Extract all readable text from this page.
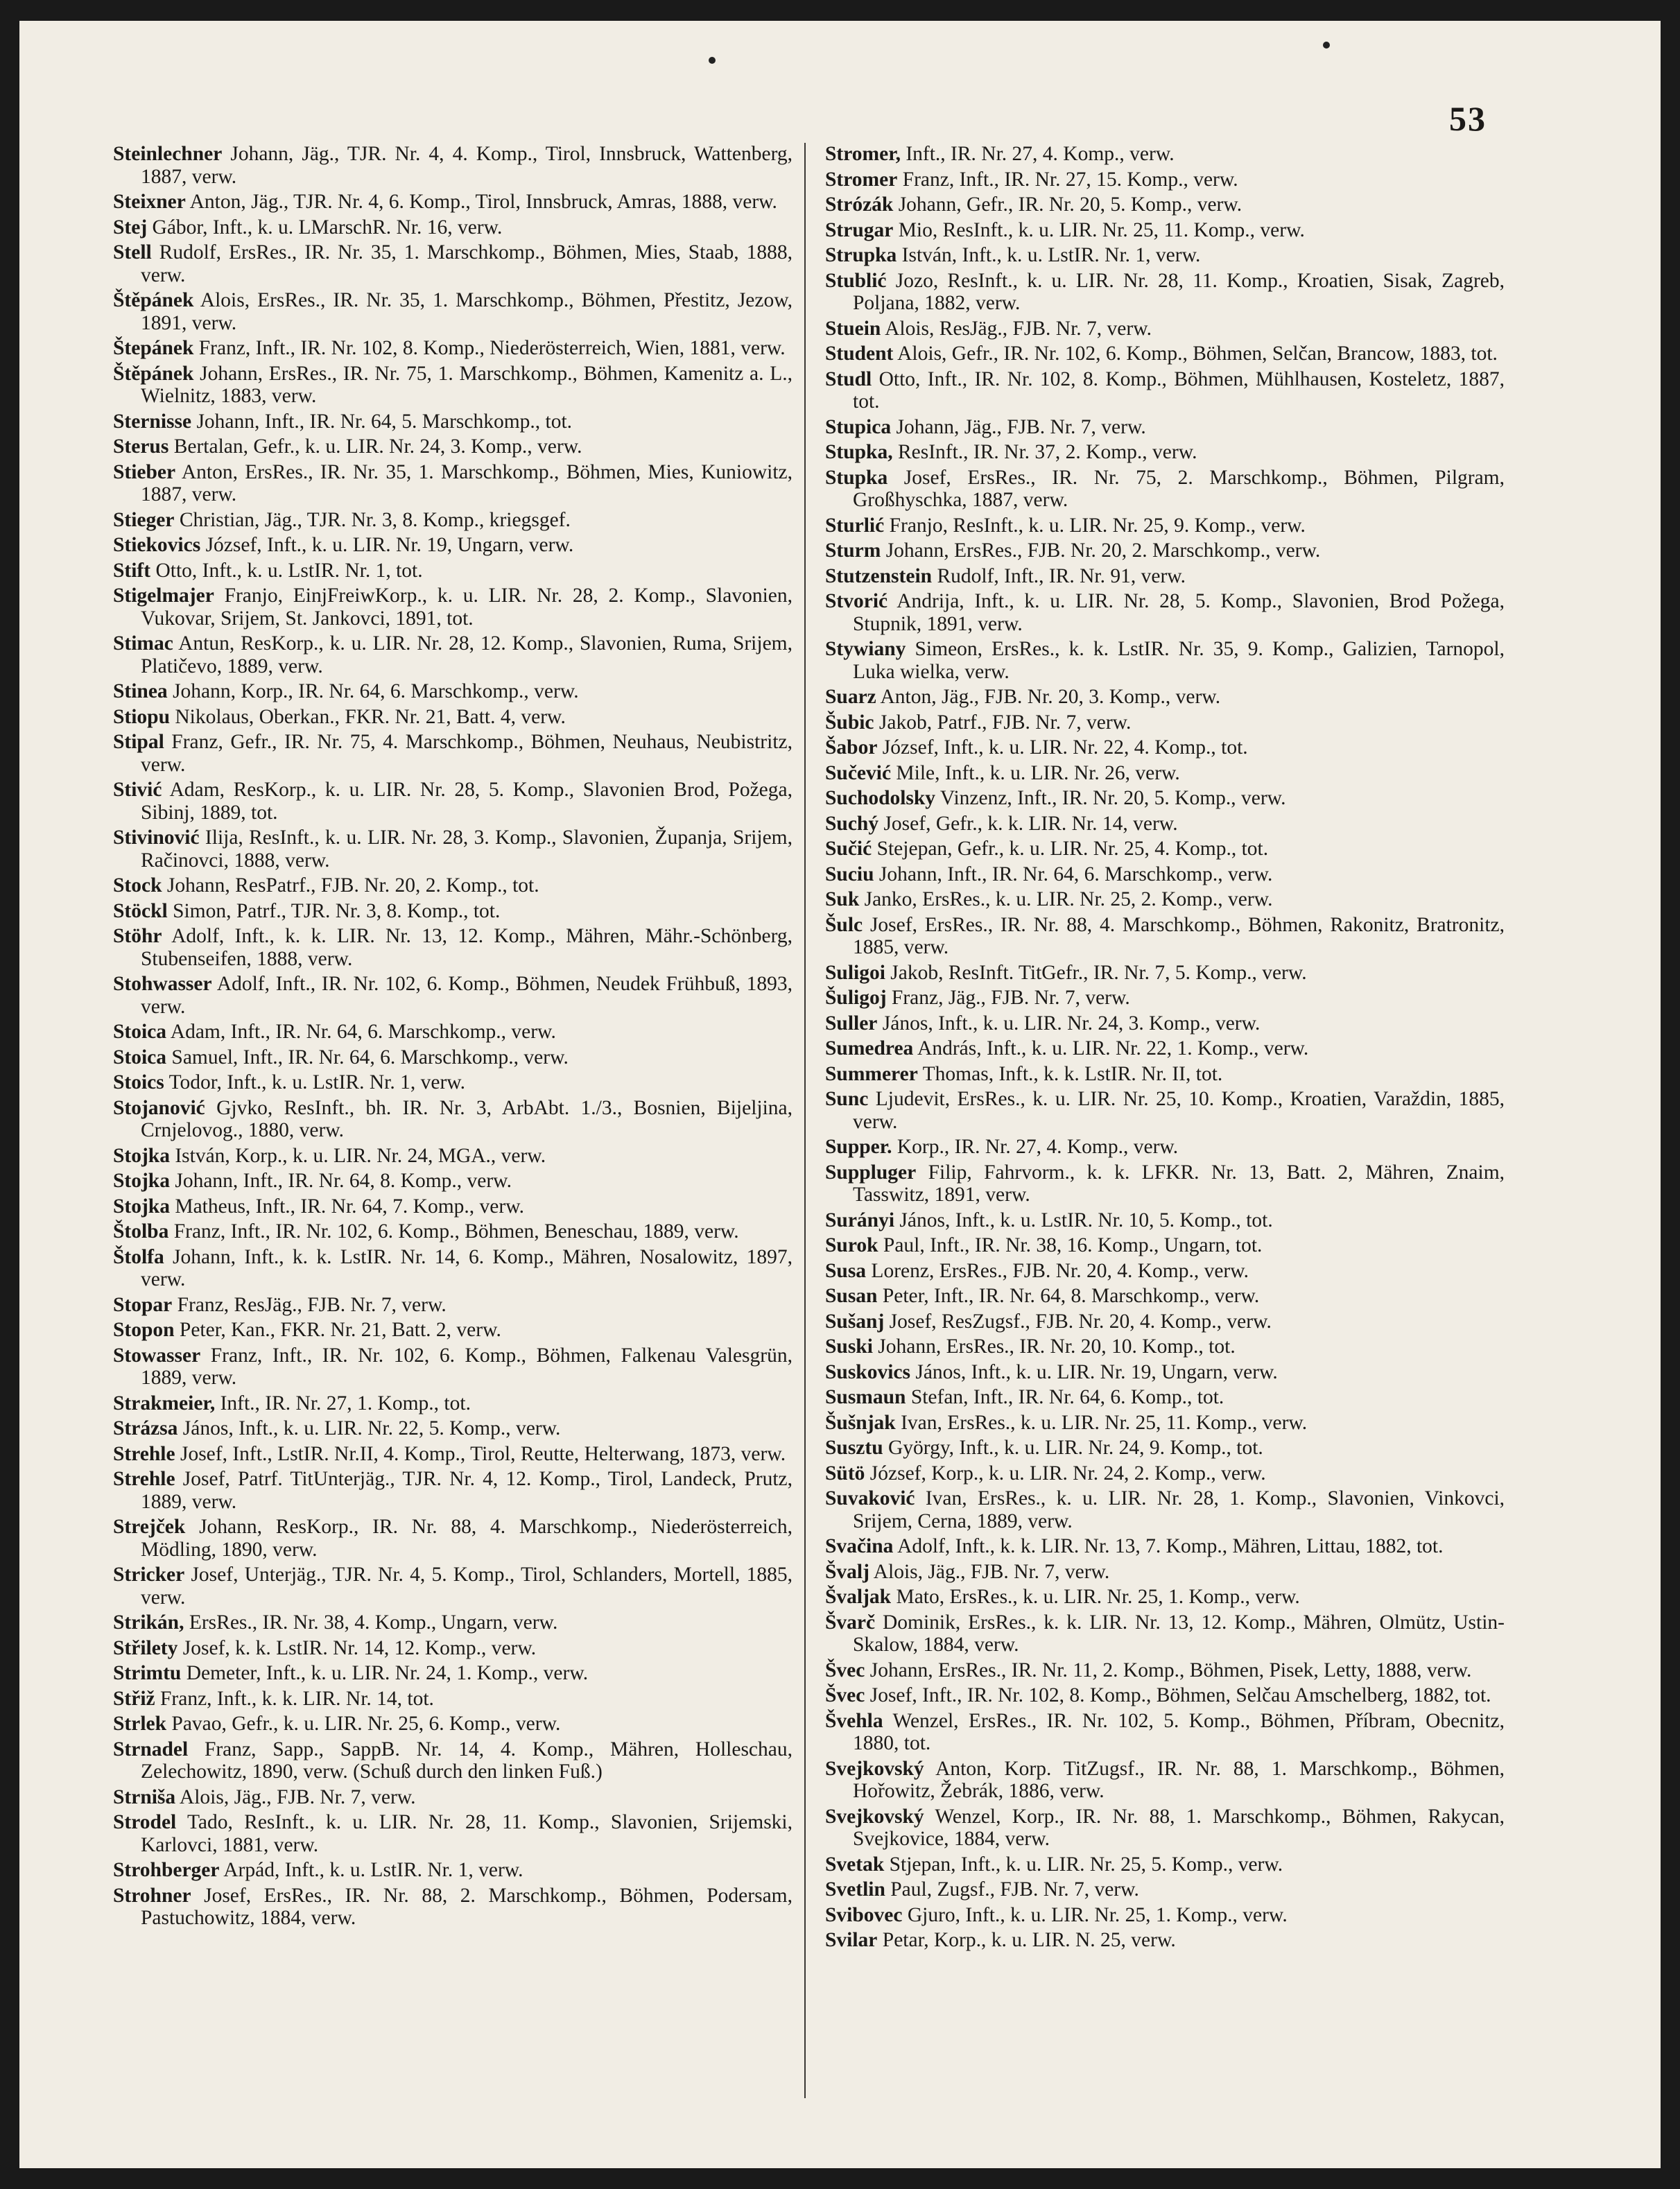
53

Steinlechner Johann, Jäg., TJR. Nr. 4, 4. Komp., Tirol, Innsbruck, Wattenberg, 1887, verw.

Steixner Anton, Jäg., TJR. Nr. 4, 6. Komp., Tirol, Innsbruck, Amras, 1888, verw.

Stej Gábor, Inft., k. u. LMarschR. Nr. 16, verw.

Stell Rudolf, ErsRes., IR. Nr. 35, 1. Marschkomp., Böhmen, Mies, Staab, 1888, verw.

Štěpánek Alois, ErsRes., IR. Nr. 35, 1. Marschkomp., Böhmen, Přestitz, Jezow, 1891, verw.

Štepánek Franz, Inft., IR. Nr. 102, 8. Komp., Niederösterreich, Wien, 1881, verw.

Štěpánek Johann, ErsRes., IR. Nr. 75, 1. Marschkomp., Böhmen, Kamenitz a. L., Wielnitz, 1883, verw.

Sternisse Johann, Inft., IR. Nr. 64, 5. Marschkomp., tot.

Sterus Bertalan, Gefr., k. u. LIR. Nr. 24, 3. Komp., verw.

Stieber Anton, ErsRes., IR. Nr. 35, 1. Marschkomp., Böhmen, Mies, Kuniowitz, 1887, verw.

Stieger Christian, Jäg., TJR. Nr. 3, 8. Komp., kriegsgef.

Stiekovics József, Inft., k. u. LIR. Nr. 19, Ungarn, verw.

Stift Otto, Inft., k. u. LstIR. Nr. 1, tot.

Stigelmajer Franjo, EinjFreiwKorp., k. u. LIR. Nr. 28, 2. Komp., Slavonien, Vukovar, Srijem, St. Jankovci, 1891, tot.

Stimac Antun, ResKorp., k. u. LIR. Nr. 28, 12. Komp., Slavonien, Ruma, Srijem, Platičevo, 1889, verw.

Stinea Johann, Korp., IR. Nr. 64, 6. Marschkomp., verw.

Stiopu Nikolaus, Oberkan., FKR. Nr. 21, Batt. 4, verw.

Stipal Franz, Gefr., IR. Nr. 75, 4. Marschkomp., Böhmen, Neuhaus, Neubistritz, verw.

Stivić Adam, ResKorp., k. u. LIR. Nr. 28, 5. Komp., Slavonien Brod, Požega, Sibinj, 1889, tot.

Stivinović Ilija, ResInft., k. u. LIR. Nr. 28, 3. Komp., Slavonien, Županja, Srijem, Račinovci, 1888, verw.

Stock Johann, ResPatrf., FJB. Nr. 20, 2. Komp., tot.

Stöckl Simon, Patrf., TJR. Nr. 3, 8. Komp., tot.

Stöhr Adolf, Inft., k. k. LIR. Nr. 13, 12. Komp., Mähren, Mähr.-Schönberg, Stubenseifen, 1888, verw.

Stohwasser Adolf, Inft., IR. Nr. 102, 6. Komp., Böhmen, Neudek Frühbuß, 1893, verw.

Stoica Adam, Inft., IR. Nr. 64, 6. Marschkomp., verw.

Stoica Samuel, Inft., IR. Nr. 64, 6. Marschkomp., verw.

Stoics Todor, Inft., k. u. LstIR. Nr. 1, verw.

Stojanović Gjvko, ResInft., bh. IR. Nr. 3, ArbAbt. 1./3., Bosnien, Bijeljina, Crnjelovog., 1880, verw.

Stojka István, Korp., k. u. LIR. Nr. 24, MGA., verw.

Stojka Johann, Inft., IR. Nr. 64, 8. Komp., verw.

Stojka Matheus, Inft., IR. Nr. 64, 7. Komp., verw.

Štolba Franz, Inft., IR. Nr. 102, 6. Komp., Böhmen, Beneschau, 1889, verw.

Štolfa Johann, Inft., k. k. LstIR. Nr. 14, 6. Komp., Mähren, Nosalowitz, 1897, verw.

Stopar Franz, ResJäg., FJB. Nr. 7, verw.

Stopon Peter, Kan., FKR. Nr. 21, Batt. 2, verw.

Stowasser Franz, Inft., IR. Nr. 102, 6. Komp., Böhmen, Falkenau Valesgrün, 1889, verw.

Strakmeier, Inft., IR. Nr. 27, 1. Komp., tot.

Strázsa János, Inft., k. u. LIR. Nr. 22, 5. Komp., verw.

Strehle Josef, Inft., LstIR. Nr.II, 4. Komp., Tirol, Reutte, Helterwang, 1873, verw.

Strehle Josef, Patrf. TitUnterjäg., TJR. Nr. 4, 12. Komp., Tirol, Landeck, Prutz, 1889, verw.

Strejček Johann, ResKorp., IR. Nr. 88, 4. Marschkomp., Niederösterreich, Mödling, 1890, verw.

Stricker Josef, Unterjäg., TJR. Nr. 4, 5. Komp., Tirol, Schlanders, Mortell, 1885, verw.

Strikán, ErsRes., IR. Nr. 38, 4. Komp., Ungarn, verw.

Střilety Josef, k. k. LstIR. Nr. 14, 12. Komp., verw.

Strimtu Demeter, Inft., k. u. LIR. Nr. 24, 1. Komp., verw.

Střiž Franz, Inft., k. k. LIR. Nr. 14, tot.

Strlek Pavao, Gefr., k. u. LIR. Nr. 25, 6. Komp., verw.

Strnadel Franz, Sapp., SappB. Nr. 14, 4. Komp., Mähren, Holleschau, Zelechowitz, 1890, verw. (Schuß durch den linken Fuß.)

Strniša Alois, Jäg., FJB. Nr. 7, verw.

Strodel Tado, ResInft., k. u. LIR. Nr. 28, 11. Komp., Slavonien, Srijemski, Karlovci, 1881, verw.

Strohberger Arpád, Inft., k. u. LstIR. Nr. 1, verw.

Strohner Josef, ErsRes., IR. Nr. 88, 2. Marschkomp., Böhmen, Podersam, Pastuchowitz, 1884, verw.

Stromer, Inft., IR. Nr. 27, 4. Komp., verw.

Stromer Franz, Inft., IR. Nr. 27, 15. Komp., verw.

Strózák Johann, Gefr., IR. Nr. 20, 5. Komp., verw.

Strugar Mio, ResInft., k. u. LIR. Nr. 25, 11. Komp., verw.

Strupka István, Inft., k. u. LstIR. Nr. 1, verw.

Stublić Jozo, ResInft., k. u. LIR. Nr. 28, 11. Komp., Kroatien, Sisak, Zagreb, Poljana, 1882, verw.

Stuein Alois, ResJäg., FJB. Nr. 7, verw.

Student Alois, Gefr., IR. Nr. 102, 6. Komp., Böhmen, Selčan, Brancow, 1883, tot.

Studl Otto, Inft., IR. Nr. 102, 8. Komp., Böhmen, Mühlhausen, Kosteletz, 1887, tot.

Stupica Johann, Jäg., FJB. Nr. 7, verw.

Stupka, ResInft., IR. Nr. 37, 2. Komp., verw.

Stupka Josef, ErsRes., IR. Nr. 75, 2. Marschkomp., Böhmen, Pilgram, Großhyschka, 1887, verw.

Sturlić Franjo, ResInft., k. u. LIR. Nr. 25, 9. Komp., verw.

Sturm Johann, ErsRes., FJB. Nr. 20, 2. Marschkomp., verw.

Stutzenstein Rudolf, Inft., IR. Nr. 91, verw.

Stvorić Andrija, Inft., k. u. LIR. Nr. 28, 5. Komp., Slavonien, Brod Požega, Stupnik, 1891, verw.

Stywiany Simeon, ErsRes., k. k. LstIR. Nr. 35, 9. Komp., Galizien, Tarnopol, Luka wielka, verw.

Suarz Anton, Jäg., FJB. Nr. 20, 3. Komp., verw.

Šubic Jakob, Patrf., FJB. Nr. 7, verw.

Šabor József, Inft., k. u. LIR. Nr. 22, 4. Komp., tot.

Sučević Mile, Inft., k. u. LIR. Nr. 26, verw.

Suchodolsky Vinzenz, Inft., IR. Nr. 20, 5. Komp., verw.

Suchý Josef, Gefr., k. k. LIR. Nr. 14, verw.

Sučić Stejepan, Gefr., k. u. LIR. Nr. 25, 4. Komp., tot.

Suciu Johann, Inft., IR. Nr. 64, 6. Marschkomp., verw.

Suk Janko, ErsRes., k. u. LIR. Nr. 25, 2. Komp., verw.

Šulc Josef, ErsRes., IR. Nr. 88, 4. Marschkomp., Böhmen, Rakonitz, Bratronitz, 1885, verw.

Suligoi Jakob, ResInft. TitGefr., IR. Nr. 7, 5. Komp., verw.

Šuligoj Franz, Jäg., FJB. Nr. 7, verw.

Suller János, Inft., k. u. LIR. Nr. 24, 3. Komp., verw.

Sumedrea András, Inft., k. u. LIR. Nr. 22, 1. Komp., verw.

Summerer Thomas, Inft., k. k. LstIR. Nr. II, tot.

Sunc Ljudevit, ErsRes., k. u. LIR. Nr. 25, 10. Komp., Kroatien, Varaždin, 1885, verw.

Supper. Korp., IR. Nr. 27, 4. Komp., verw.

Suppluger Filip, Fahrvorm., k. k. LFKR. Nr. 13, Batt. 2, Mähren, Znaim, Tasswitz, 1891, verw.

Surányi János, Inft., k. u. LstIR. Nr. 10, 5. Komp., tot.

Surok Paul, Inft., IR. Nr. 38, 16. Komp., Ungarn, tot.

Susa Lorenz, ErsRes., FJB. Nr. 20, 4. Komp., verw.

Susan Peter, Inft., IR. Nr. 64, 8. Marschkomp., verw.

Sušanj Josef, ResZugsf., FJB. Nr. 20, 4. Komp., verw.

Suski Johann, ErsRes., IR. Nr. 20, 10. Komp., tot.

Suskovics János, Inft., k. u. LIR. Nr. 19, Ungarn, verw.

Susmaun Stefan, Inft., IR. Nr. 64, 6. Komp., tot.

Šušnjak Ivan, ErsRes., k. u. LIR. Nr. 25, 11. Komp., verw.

Susztu György, Inft., k. u. LIR. Nr. 24, 9. Komp., tot.

Sütö József, Korp., k. u. LIR. Nr. 24, 2. Komp., verw.

Suvaković Ivan, ErsRes., k. u. LIR. Nr. 28, 1. Komp., Slavonien, Vinkovci, Srijem, Cerna, 1889, verw.

Svačina Adolf, Inft., k. k. LIR. Nr. 13, 7. Komp., Mähren, Littau, 1882, tot.

Švalj Alois, Jäg., FJB. Nr. 7, verw.

Švaljak Mato, ErsRes., k. u. LIR. Nr. 25, 1. Komp., verw.

Švarč Dominik, ErsRes., k. k. LIR. Nr. 13, 12. Komp., Mähren, Olmütz, Ustin-Skalow, 1884, verw.

Švec Johann, ErsRes., IR. Nr. 11, 2. Komp., Böhmen, Pisek, Letty, 1888, verw.

Švec Josef, Inft., IR. Nr. 102, 8. Komp., Böhmen, Selčau Amschelberg, 1882, tot.

Švehla Wenzel, ErsRes., IR. Nr. 102, 5. Komp., Böhmen, Příbram, Obecnitz, 1880, tot.

Svejkovský Anton, Korp. TitZugsf., IR. Nr. 88, 1. Marschkomp., Böhmen, Hořowitz, Žebrák, 1886, verw.

Svejkovský Wenzel, Korp., IR. Nr. 88, 1. Marschkomp., Böhmen, Rakycan, Svejkovice, 1884, verw.

Svetak Stjepan, Inft., k. u. LIR. Nr. 25, 5. Komp., verw.

Svetlin Paul, Zugsf., FJB. Nr. 7, verw.

Svibovec Gjuro, Inft., k. u. LIR. Nr. 25, 1. Komp., verw.

Svilar Petar, Korp., k. u. LIR. N. 25, verw.
